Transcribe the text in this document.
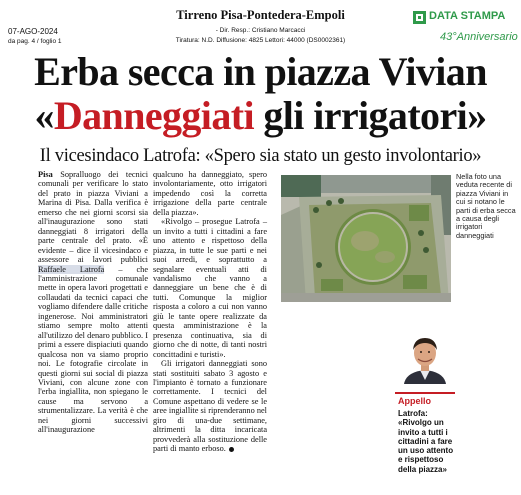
07-AGO-2024
da pag. 4 / foglio 1
Tirreno Pisa-Pontedera-Empoli
- Dir. Resp.: Cristiano Marcacci
Tiratura: N.D. Diffusione: 4825 Lettori: 44000 (DS0002361)
DATA STAMPA
43°Anniversario
Erba secca in piazza Vivian
«Danneggiati gli irrigatori»
Il vicesindaco Latrofa: «Spero sia stato un gesto involontario»

Pisa Sopralluogo dei tecnici comunali per verificare lo stato del prato in piazza Viviani a Marina di Pisa. Dalla verifica è emerso che nei giorni scorsi sia all'inaugurazione sono stati danneggiati 8 irrigatori della parte centrale del prato. «È evidente – dice il vicesindaco e assessore ai lavori pubblici Raffaele Latrofa – che l'amministrazione comunale mette in opera lavori progettati e collaudati da tecnici capaci che vogliamo difendere dalle critiche ingenerose. Noi amministratori stiamo sempre molto attenti all'utilizzo del denaro pubblico. I primi a essere dispiaciuti quando qualcosa non va siamo proprio noi. Le fotografie circolate in questi giorni sui social di piazza Viviani, con alcune zone con l'erba ingiallita, non spiegano le cause ma servono a strumentalizzare. La verità è che nei giorni successivi all'inaugurazione

qualcuno ha danneggiato, spero involontariamente, otto irrigatori impedendo così la corretta irrigazione della parte centrale della piazza».

«Rivolgo – prosegue Latrofa – un invito a tutti i cittadini a fare uno attento e rispettoso della piazza, in tutte le sue parti e nei suoi arredi, e soprattutto a segnalare eventuali atti di vandalismo che vanno a danneggiare un bene che è di tutti. Comunque la miglior risposta a coloro a cui non vanno giù le tante opere realizzate da questa amministrazione è la presenza continuativa, sia di giorno che di notte, di tanti nostri concittadini e turisti».

Gli irrigatori danneggiati sono stati sostituiti sabato 3 agosto e l'impianto è tornato a funzionare correttamente. I tecnici del Comune aspettano di vedere se le aree ingiallite si riprenderanno nel giro di una-due settimane, altrimenti la ditta incaricata provvederà alla sostituzione delle parti di manto erboso.

Nella foto una veduta recente di piazza Viviani in cui si notano le parti di erba secca a causa degli irrigatori danneggiati
Appello
Latrofa: «Rivolgo un invito a tutti i cittadini a fare un uso attento e rispettoso della piazza»
